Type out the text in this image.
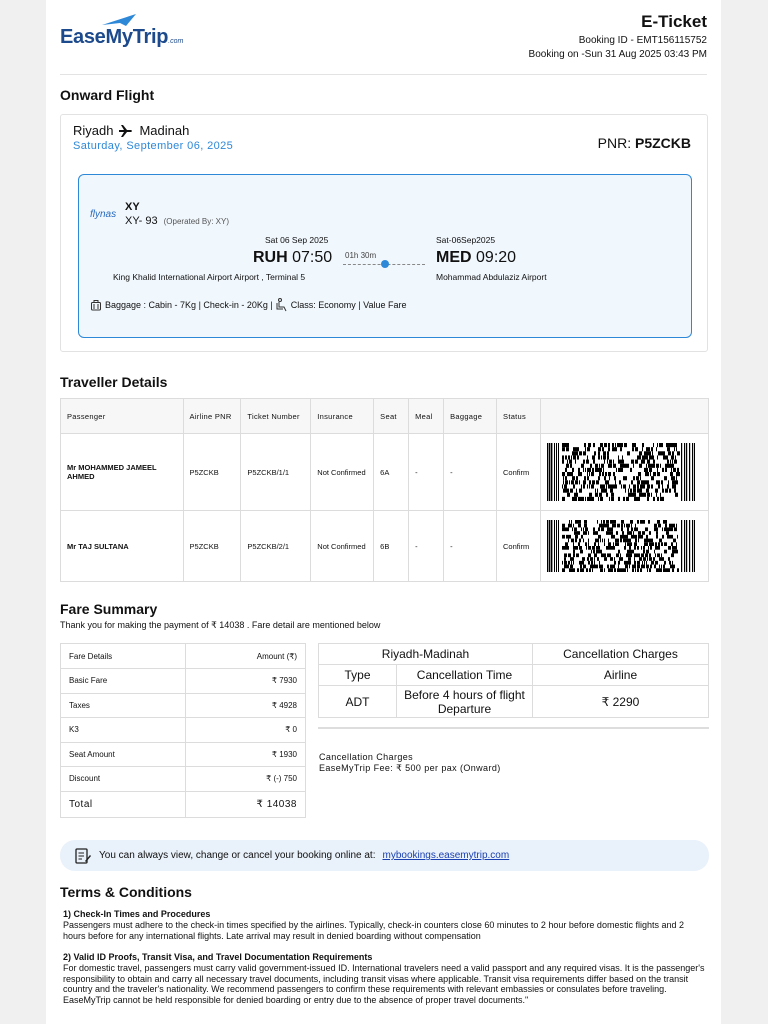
EaseMyTrip.com
E-Ticket
Booking ID - EMT156115752
Booking on -Sun 31 Aug 2025 03:43 PM
Onward Flight
Riyadh Madinah
Saturday, September 06, 2025	PNR: P5ZCKB
flynas
XY
XY- 93 (Operated By: XY)
Sat 06 Sep 2025
RUH 07:50 01h 30m
Sat-06Sep2025
MED 09:20
King Khalid International Airport Airport , Terminal 5	Mohammad Abdulaziz Airport
Baggage : Cabin - 7Kg | Check-in - 20Kg | Class: Economy | Value Fare
Traveller Details
Passenger	Airline PNR	Ticket Number	Insurance	Seat	Meal	Baggage	Status	
Mr MOHAMMED JAMEEL AHMED	P5ZCKB	P5ZCKB/1/1	Not Confirmed	6A	-	-	Confirm	

Mr TAJ SULTANA	P5ZCKB	P5ZCKB/2/1	Not Confirmed	6B	-	-	Confirm	
Fare Summary
Thank you for making the payment of ₹ 14038 . Fare detail are mentioned below
Fare Details	Amount (₹)
Basic Fare	₹ 7930
Taxes	₹ 4928
K3	₹ 0
Seat Amount	₹ 1930
Discount	₹ (-) 750
Total	₹ 14038
Riyadh-Madinah		Cancellation Charges
Type	Cancellation Time	Airline
ADT	Before 4 hours of flight Departure	₹ 2290
Cancellation Charges
EaseMyTrip Fee: ₹ 500 per pax (Onward)
You can always view, change or cancel your booking online at: mybookings.easemytrip.com
Terms & Conditions
1) Check-In Times and Procedures
Passengers must adhere to the check-in times specified by the airlines. Typically, check-in counters close 60 minutes to 2 hour before domestic flights and 2 hours before for any international flights. Late arrival may result in denied boarding without compensation
2) Valid ID Proofs, Transit Visa, and Travel Documentation Requirements
For domestic travel, passengers must carry valid government-issued ID. International travelers need a valid passport and any required visas. It is the passenger's responsibility to obtain and carry all necessary travel documents, including transit visas where applicable. Transit visa requirements differ based on the transit country and the traveler's nationality. We recommend passengers to confirm these requirements with relevant embassies or consulates before traveling. EaseMyTrip cannot be held responsible for denied boarding or entry due to the absence of proper travel documents."
